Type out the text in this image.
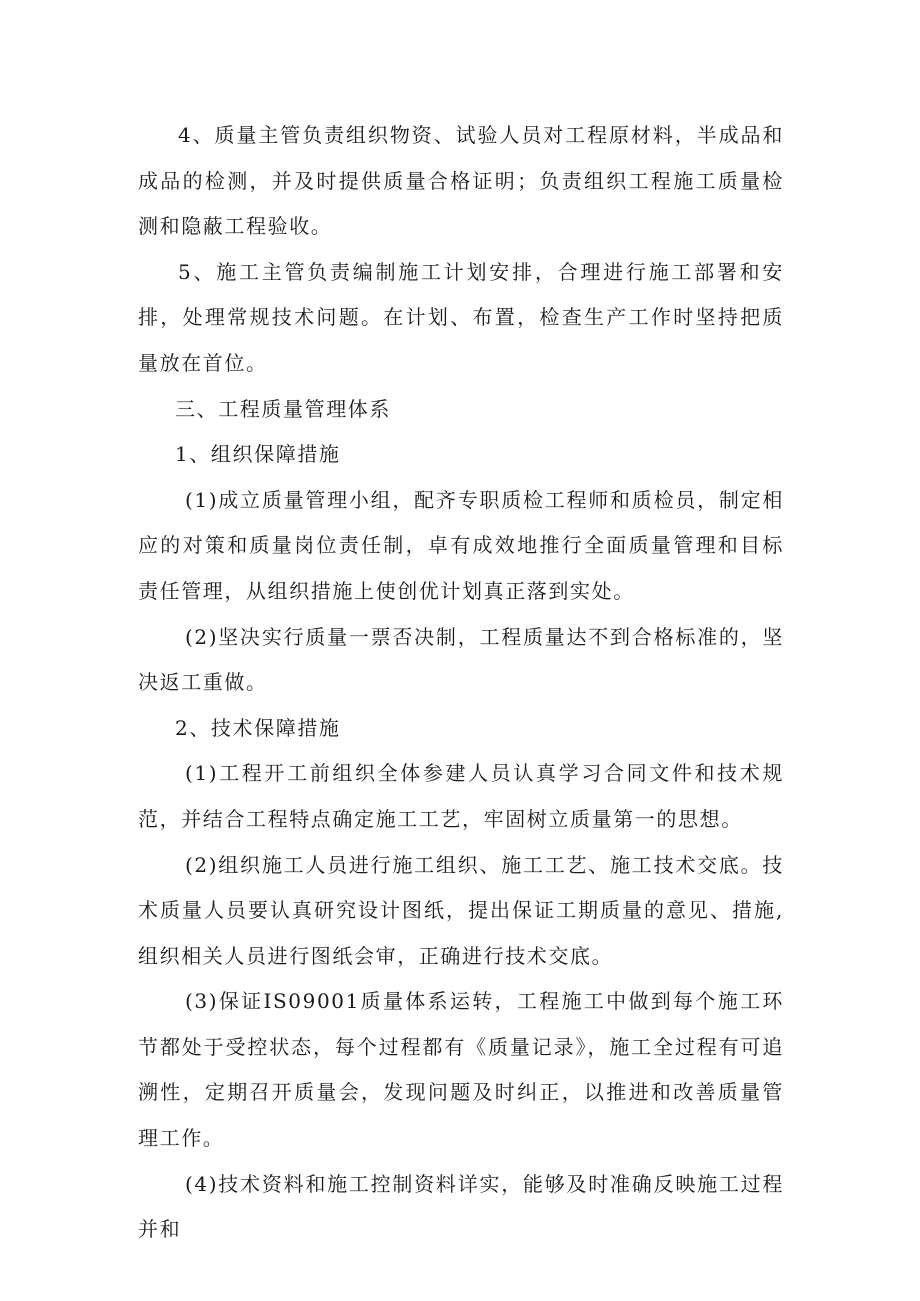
4、质量主管负责组织物资、试验人员对工程原材料，半成品和成品的检测，并及时提供质量合格证明；负责组织工程施工质量检测和隐蔽工程验收。

5、施工主管负责编制施工计划安排，合理进行施工部署和安排，处理常规技术问题。在计划、布置，检查生产工作时坚持把质量放在首位。

三、工程质量管理体系

1、组织保障措施

(1)成立质量管理小组，配齐专职质检工程师和质检员，制定相应的对策和质量岗位责任制，卓有成效地推行全面质量管理和目标责任管理，从组织措施上使创优计划真正落到实处。

(2)坚决实行质量一票否决制，工程质量达不到合格标准的，坚决返工重做。

2、技术保障措施

(1)工程开工前组织全体参建人员认真学习合同文件和技术规范，并结合工程特点确定施工工艺，牢固树立质量第一的思想。

(2)组织施工人员进行施工组织、施工工艺、施工技术交底。技术质量人员要认真研究设计图纸，提出保证工期质量的意见、措施,组织相关人员进行图纸会审，正确进行技术交底。

(3)保证IS09001质量体系运转，工程施工中做到每个施工环节都处于受控状态，每个过程都有《质量记录》，施工全过程有可追溯性，定期召开质量会，发现问题及时纠正，以推进和改善质量管理工作。

(4)技术资料和施工控制资料详实，能够及时准确反映施工过程并和
